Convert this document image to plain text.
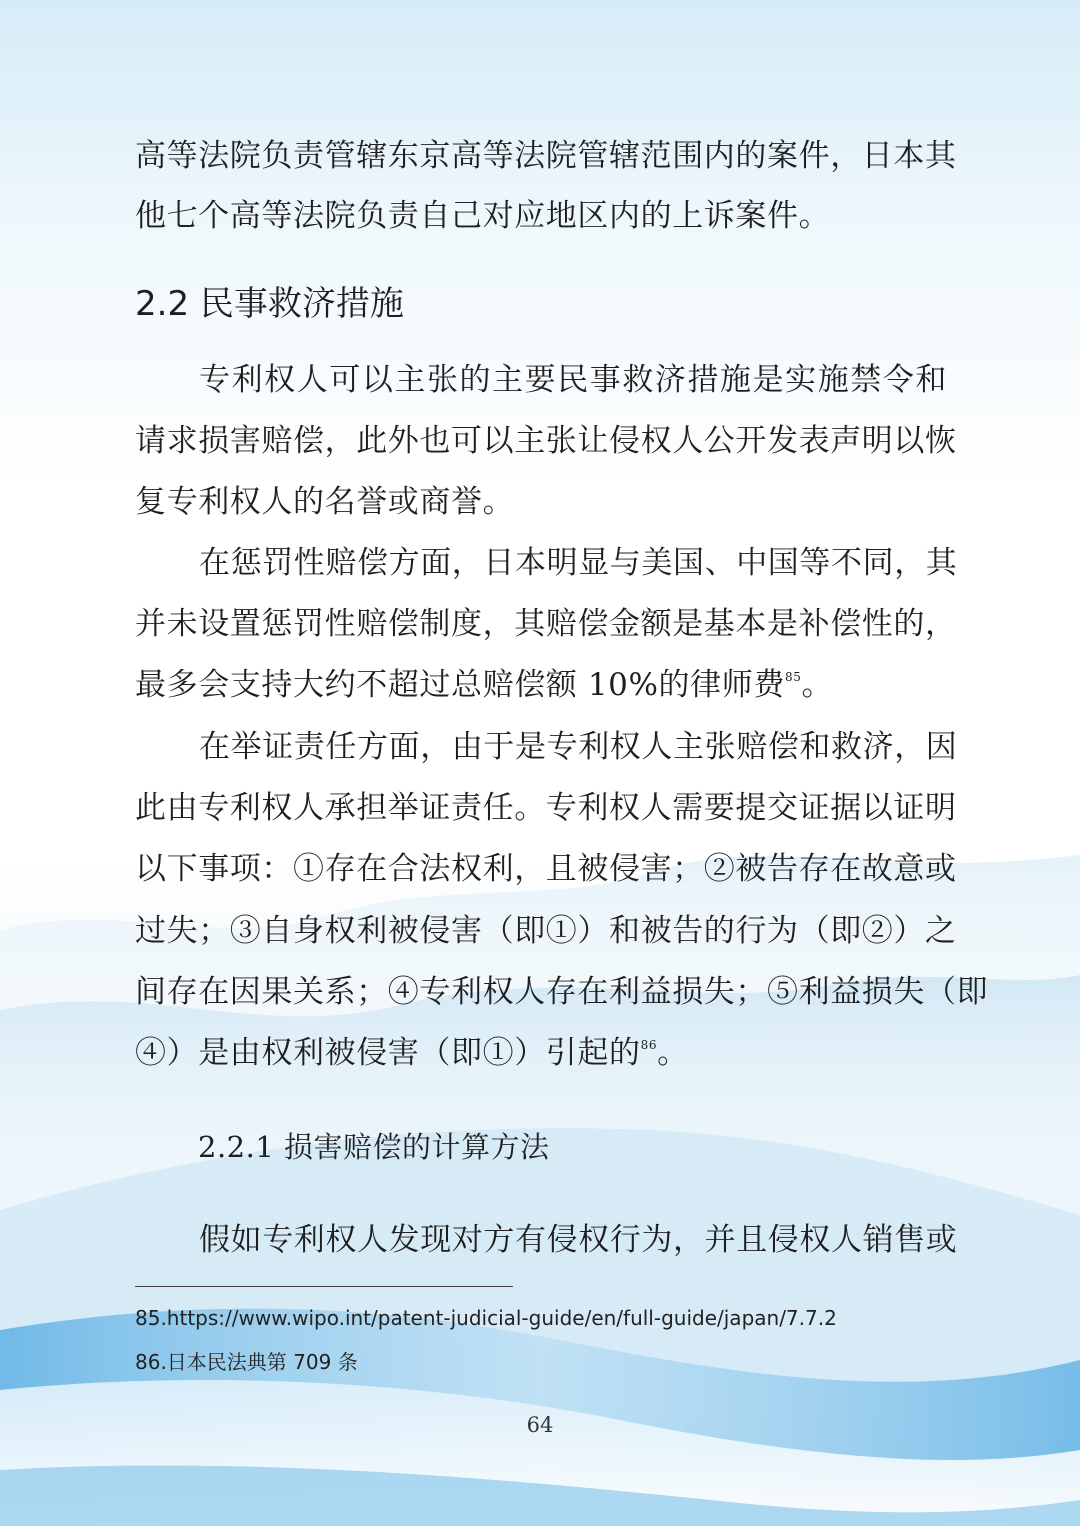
高等法院负责管辖东京高等法院管辖范围内的案件，日本其
他七个高等法院负责自己对应地区内的上诉案件。
2.2 民事救济措施
专利权人可以主张的主要民事救济措施是实施禁令和
请求损害赔偿，此外也可以主张让侵权人公开发表声明以恢
复专利权人的名誉或商誉。
在惩罚性赔偿方面，日本明显与美国、中国等不同，其
并未设置惩罚性赔偿制度，其赔偿金额是基本是补偿性的，
最多会支持大约不超过总赔偿额 10%的律师费$^{85}$。
在举证责任方面，由于是专利权人主张赔偿和救济，因
此由专利权人承担举证责任。专利权人需要提交证据以证明
以下事项：①存在合法权利，且被侵害；②被告存在故意或
过失；③自身权利被侵害（即①）和被告的行为（即②）之
间存在因果关系；④专利权人存在利益损失；⑤利益损失（即
④）是由权利被侵害（即①）引起的$^{86}$。
2.2.1 损害赔偿的计算方法
假如专利权人发现对方有侵权行为，并且侵权人销售或
85.https://www.wipo.int/patent-judicial-guide/en/full-guide/japan/7.7.2
86.日本民法典第 709 条
64
